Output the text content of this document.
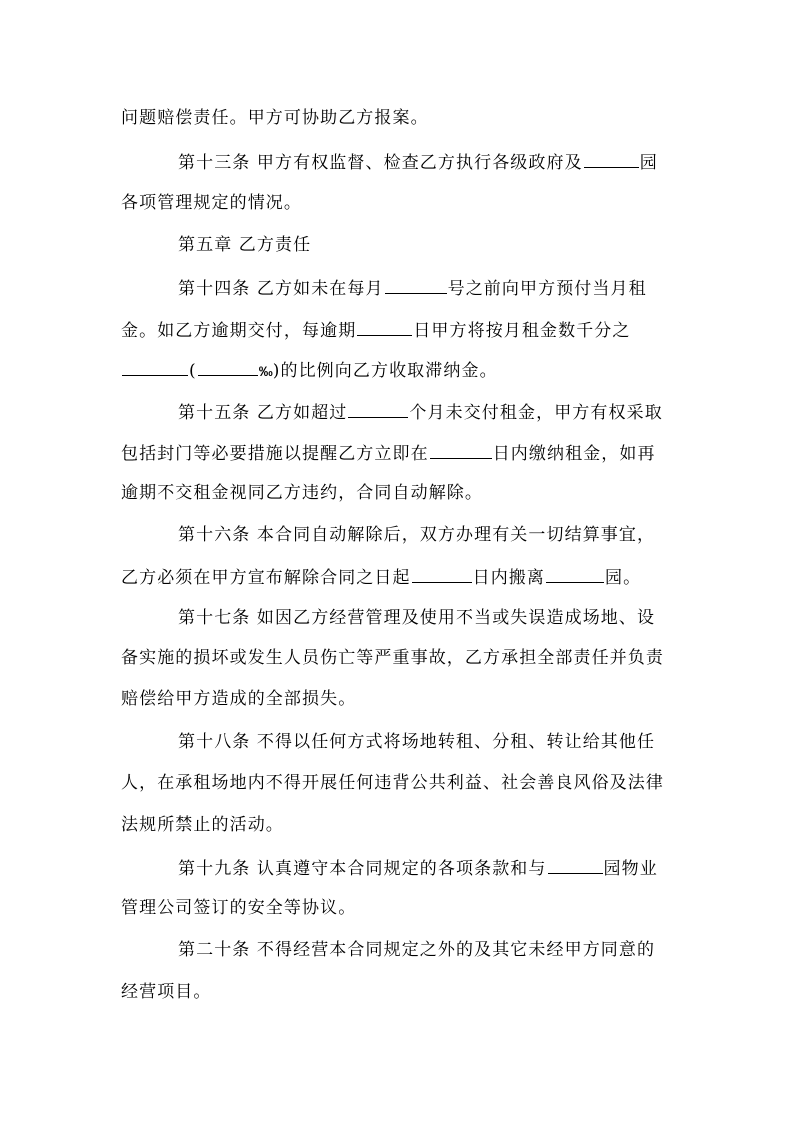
问题赔偿责任。甲方可协助乙方报案。
第十三条 甲方有权监督、检查乙方执行各级政府及	园
各项管理规定的情况。
第五章 乙方责任
第十四条 乙方如未在每月	号之前向甲方预付当月租
金。如乙方逾期交付，每逾期	日甲方将按月租金数千分之
(	‰)的比例向乙方收取滞纳金。
第十五条 乙方如超过	个月未交付租金，甲方有权采取
包括封门等必要措施以提醒乙方立即在	日内缴纳租金，如再
逾期不交租金视同乙方违约，合同自动解除。
第十六条 本合同自动解除后，双方办理有关一切结算事宜，
乙方必须在甲方宣布解除合同之日起	日内搬离	园。
第十七条 如因乙方经营管理及使用不当或失误造成场地、设
备实施的损坏或发生人员伤亡等严重事故，乙方承担全部责任并负责
赔偿给甲方造成的全部损失。
第十八条 不得以任何方式将场地转租、分租、转让给其他任
人，在承租场地内不得开展任何违背公共利益、社会善良风俗及法律
法规所禁止的活动。
第十九条 认真遵守本合同规定的各项条款和与	园物业
管理公司签订的安全等协议。
第二十条 不得经营本合同规定之外的及其它未经甲方同意的
经营项目。
